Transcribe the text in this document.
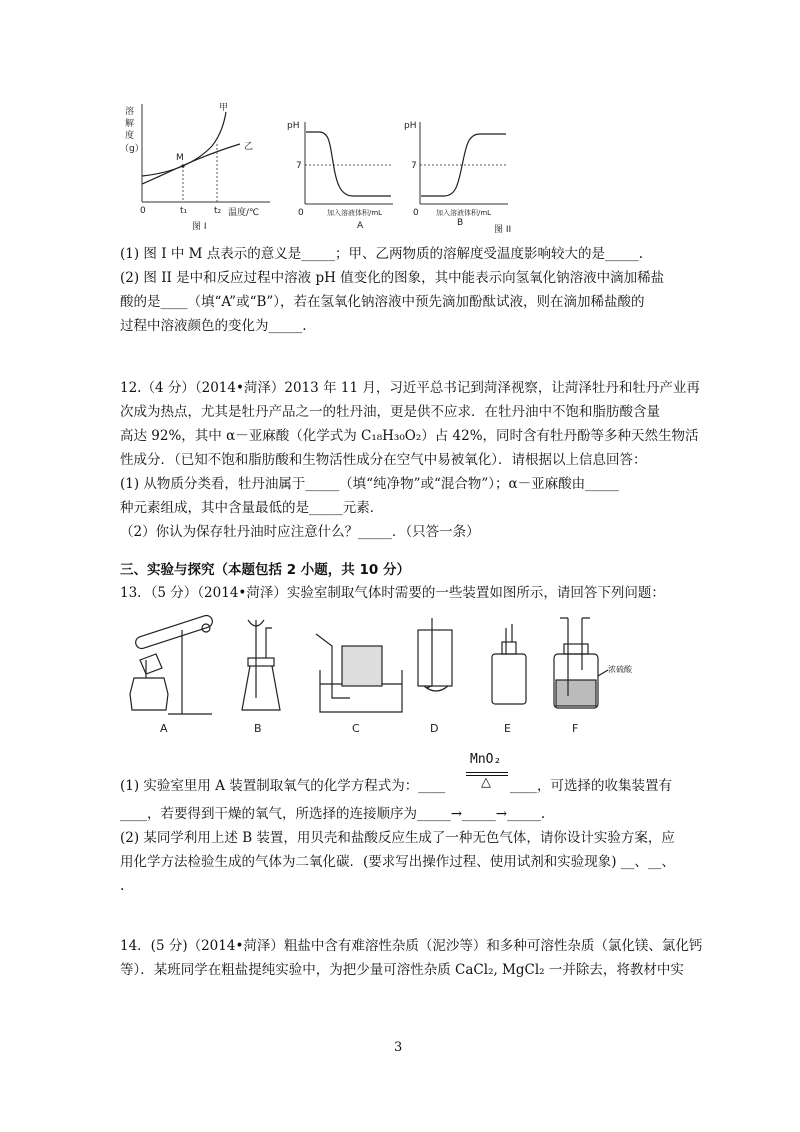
溶
解
度
（g）
甲
乙
M
0	t₁	t₂ 温度/℃
图 I
pH
7
0	加入溶液体积/mL
A
pH
7
0 加入溶液体积/mL
B
图 II
(1) 图 I 中 M 点表示的意义是_____；甲、乙两物质的溶解度受温度影响较大的是_____.
(2) 图 II 是中和反应过程中溶液 pH 值变化的图象，其中能表示向氢氧化钠溶液中滴加稀盐
酸的是____（填“A”或“B”），若在氢氧化钠溶液中预先滴加酚酞试液，则在滴加稀盐酸的
过程中溶液颜色的变化为_____.
12.（4 分）（2014•菏泽）2013 年 11 月，习近平总书记到菏泽视察，让菏泽牡丹和牡丹产业再
次成为热点，尤其是牡丹产品之一的牡丹油，更是供不应求．在牡丹油中不饱和脂肪酸含量
高达 92%，其中 α－亚麻酸（化学式为 C₁₈H₃₀O₂）占 42%，同时含有牡丹酚等多种天然生物活
性成分．（已知不饱和脂肪酸和生物活性成分在空气中易被氧化）．请根据以上信息回答：
(1) 从物质分类看，牡丹油属于_____（填“纯净物”或“混合物”）；α－亚麻酸由_____
种元素组成，其中含量最低的是_____元素．
（2）你认为保存牡丹油时应注意什么？_____．（只答一条）
三、实验与探究（本题包括 2 小题，共 10 分）
13．（5 分）（2014•菏泽）实验室制取气体时需要的一些装置如图所示，请回答下列问题：
A	B	C	D	E	F
浓硫酸
MnO₂
△
(1) 实验室里用 A 装置制取氧气的化学方程式为：____	____，可选择的收集装置有
____，若要得到干燥的氧气，所选择的连接顺序为_____→_____→_____.
(2) 某同学利用上述 B 装置，用贝壳和盐酸反应生成了一种无色气体，请你设计实验方案，应
用化学方法检验生成的气体为二氧化碳．(要求写出操作过程、使用试剂和实验现象) __、__、
.
14．(5 分)（2014•菏泽）粗盐中含有难溶性杂质（泥沙等）和多种可溶性杂质（氯化镁、氯化钙
等）．某班同学在粗盐提纯实验中，为把少量可溶性杂质 CaCl₂, MgCl₂ 一并除去，将教材中实
3
